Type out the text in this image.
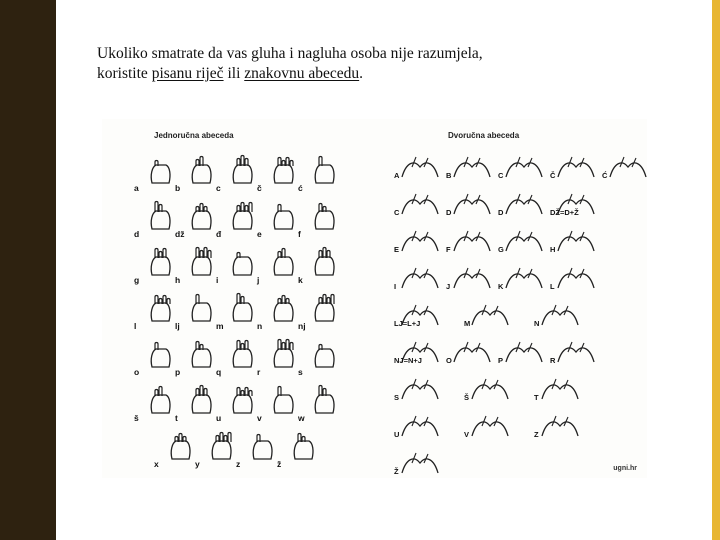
Ukoliko smatrate da vas gluha i nagluha osoba nije razumjela,
koristite pisanu riječ ili znakovnu abecedu.
Jednoručna abeceda	Dvoručna abeceda
a	b	c	č	ć
d	dž	đ	e	f
g	h	i	j	k
l	lj	m	n	nj
o	p	q	r	s
š	t	u	v	w
x	y	z	ž
A	B	C	Č	Ć
C	D	D	DŽ=D+Ž
E	F	G	H
I	J	K	L
LJ=L+J	M	N
NJ=N+J	O	P	R
S	Š	T
U	V	Z
Ž	ugni.hr
